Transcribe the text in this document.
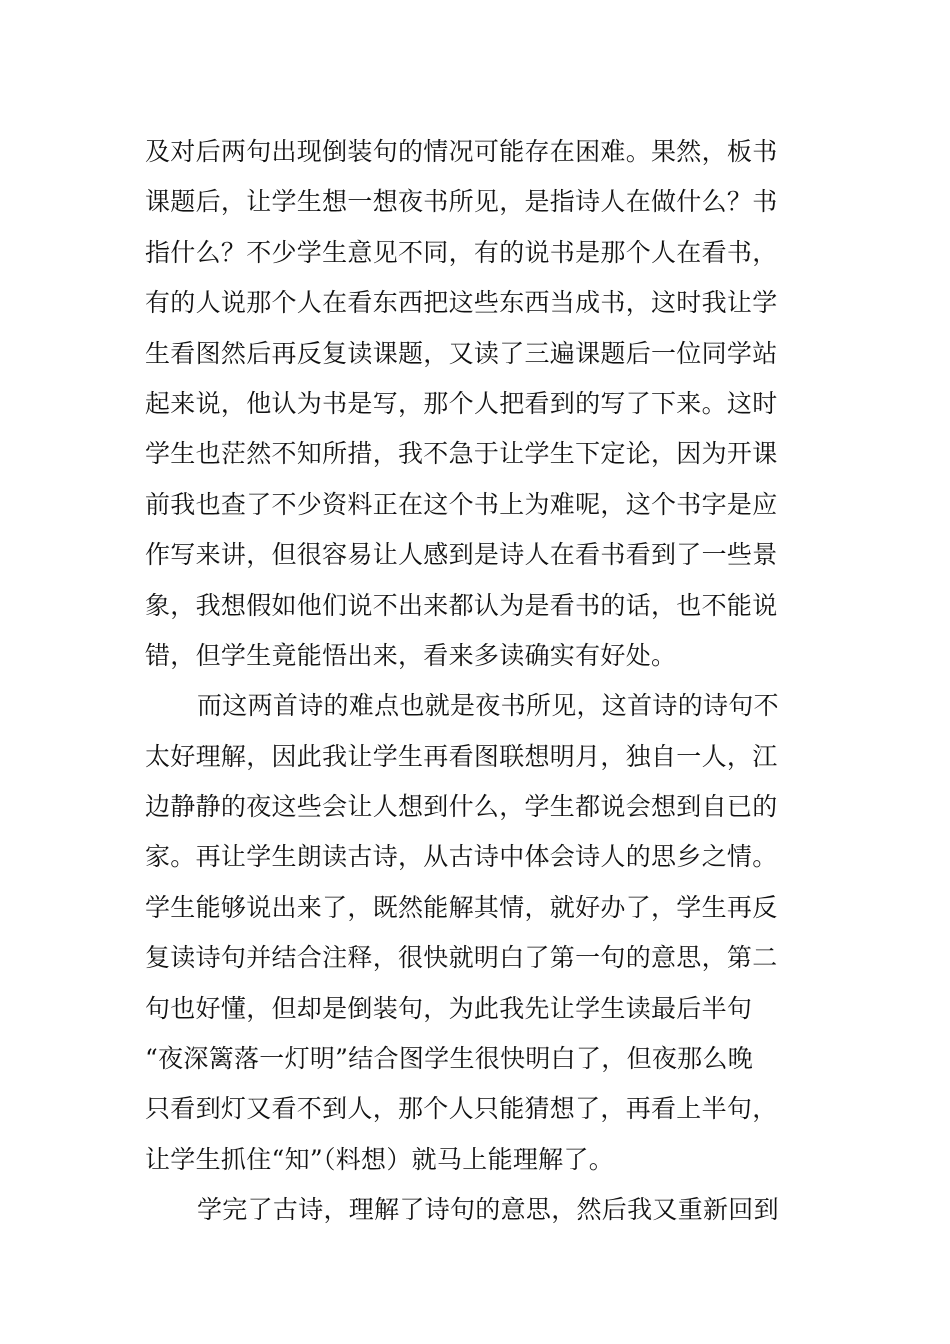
及对后两句出现倒装句的情况可能存在困难。果然，板书
课题后，让学生想一想夜书所见，是指诗人在做什么？书
指什么？不少学生意见不同，有的说书是那个人在看书，
有的人说那个人在看东西把这些东西当成书，这时我让学
生看图然后再反复读课题，又读了三遍课题后一位同学站
起来说，他认为书是写，那个人把看到的写了下来。这时
学生也茫然不知所措，我不急于让学生下定论，因为开课
前我也查了不少资料正在这个书上为难呢，这个书字是应
作写来讲，但很容易让人感到是诗人在看书看到了一些景
象，我想假如他们说不出来都认为是看书的话，也不能说
错，但学生竟能悟出来，看来多读确实有好处。
而这两首诗的难点也就是夜书所见，这首诗的诗句不
太好理解，因此我让学生再看图联想明月，独自一人，江
边静静的夜这些会让人想到什么，学生都说会想到自已的
家。再让学生朗读古诗，从古诗中体会诗人的思乡之情。
学生能够说出来了，既然能解其情，就好办了，学生再反
复读诗句并结合注释，很快就明白了第一句的意思，第二
句也好懂，但却是倒装句，为此我先让学生读最后半句
“夜深篱落一灯明”结合图学生很快明白了，但夜那么晚
只看到灯又看不到人，那个人只能猜想了，再看上半句，
让学生抓住“知”（料想）就马上能理解了。
学完了古诗，理解了诗句的意思，然后我又重新回到
